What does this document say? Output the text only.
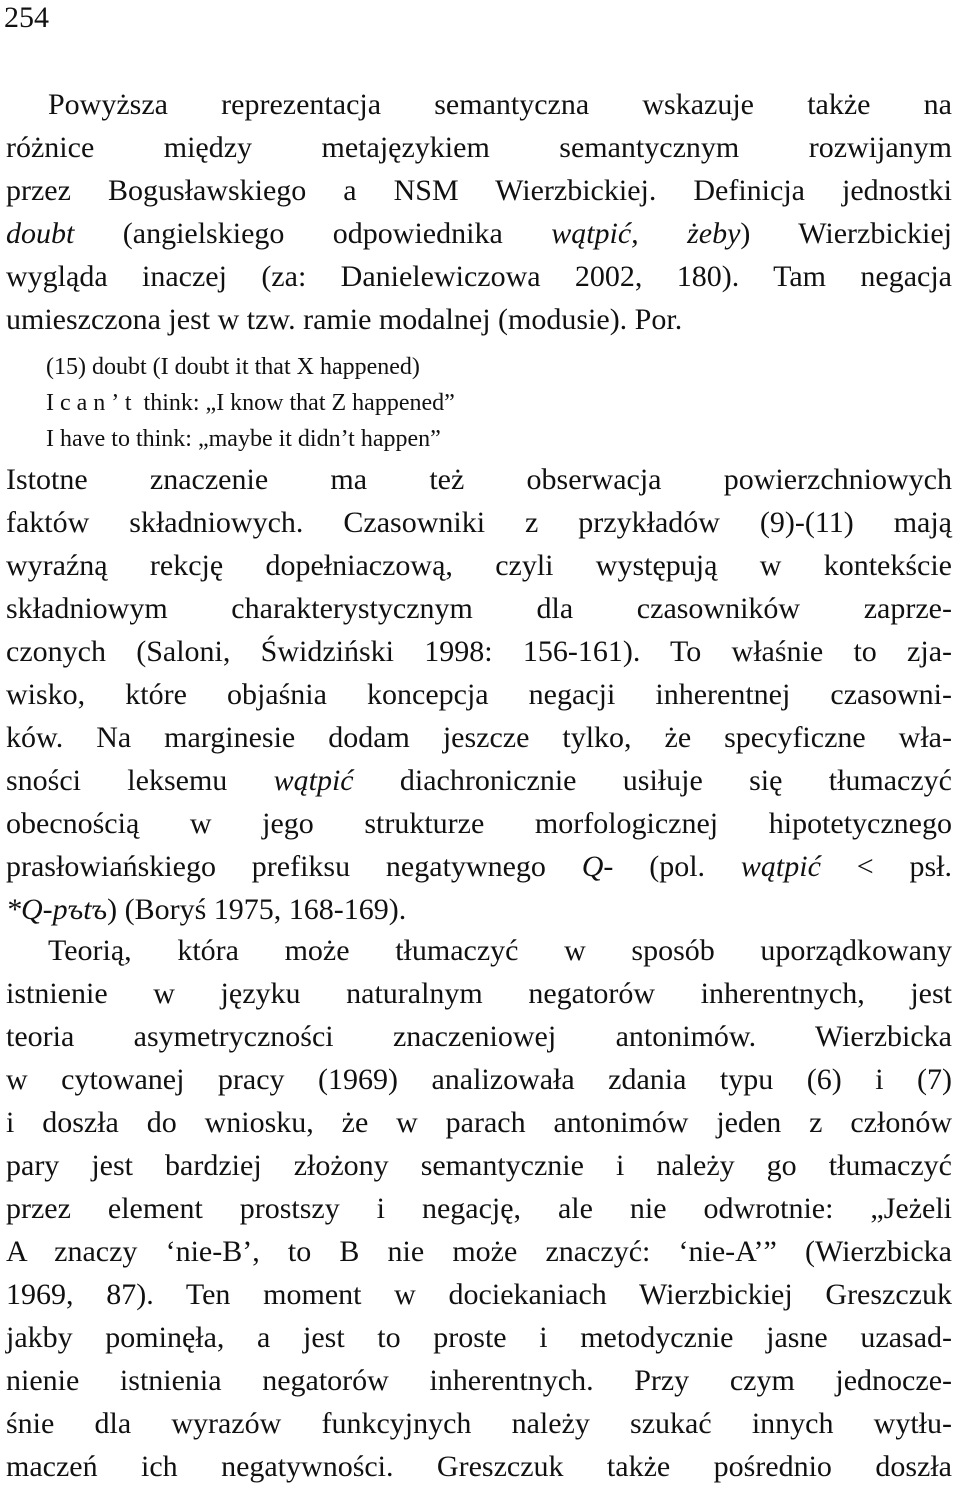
254
Powyższa reprezentacja semantyczna wskazuje także na
różnice między metajęzykiem semantycznym rozwijanym
przez Bogusławskiego a NSM Wierzbickiej. Definicja jednostki
doubt (angielskiego odpowiednika wątpić, żeby) Wierzbickiej
wygląda inaczej (za: Danielewiczowa 2002, 180). Tam negacja
umieszczona jest w tzw. ramie modalnej (modusie). Por.
(15) doubt (I doubt it that X happened)
I can’t think: „I know that Z happened”
I have to think: „maybe it didn’t happen”
Istotne znaczenie ma też obserwacja powierzchniowych
faktów składniowych. Czasowniki z przykładów (9)-(11) mają
wyraźną rekcję dopełniaczową, czyli występują w kontekście
składniowym charakterystycznym dla czasowników zaprze-
czonych (Saloni, Świdziński 1998: 156-161). To właśnie to zja-
wisko, które objaśnia koncepcja negacji inherentnej czasowni-
ków. Na marginesie dodam jeszcze tylko, że specyficzne wła-
sności leksemu wątpić diachronicznie usiłuje się tłumaczyć
obecnością w jego strukturze morfologicznej hipotetycznego
prasłowiańskiego prefiksu negatywnego Q- (pol. wątpić < psł.
*Q-pъtъ) (Boryś 1975, 168-169).
Teorią, która może tłumaczyć w sposób uporządkowany
istnienie w języku naturalnym negatorów inherentnych, jest
teoria asymetryczności znaczeniowej antonimów. Wierzbicka
w cytowanej pracy (1969) analizowała zdania typu (6) i (7)
i doszła do wniosku, że w parach antonimów jeden z członów
pary jest bardziej złożony semantycznie i należy go tłumaczyć
przez element prostszy i negację, ale nie odwrotnie: „Jeżeli
A znaczy ‘nie-B’, to B nie może znaczyć: ‘nie-A’” (Wierzbicka
1969, 87). Ten moment w dociekaniach Wierzbickiej Greszczuk
jakby pominęła, a jest to proste i metodycznie jasne uzasad-
nienie istnienia negatorów inherentnych. Przy czym jednocze-
śnie dla wyrazów funkcyjnych należy szukać innych wytłu-
maczeń ich negatywności. Greszczuk także pośrednio doszła
